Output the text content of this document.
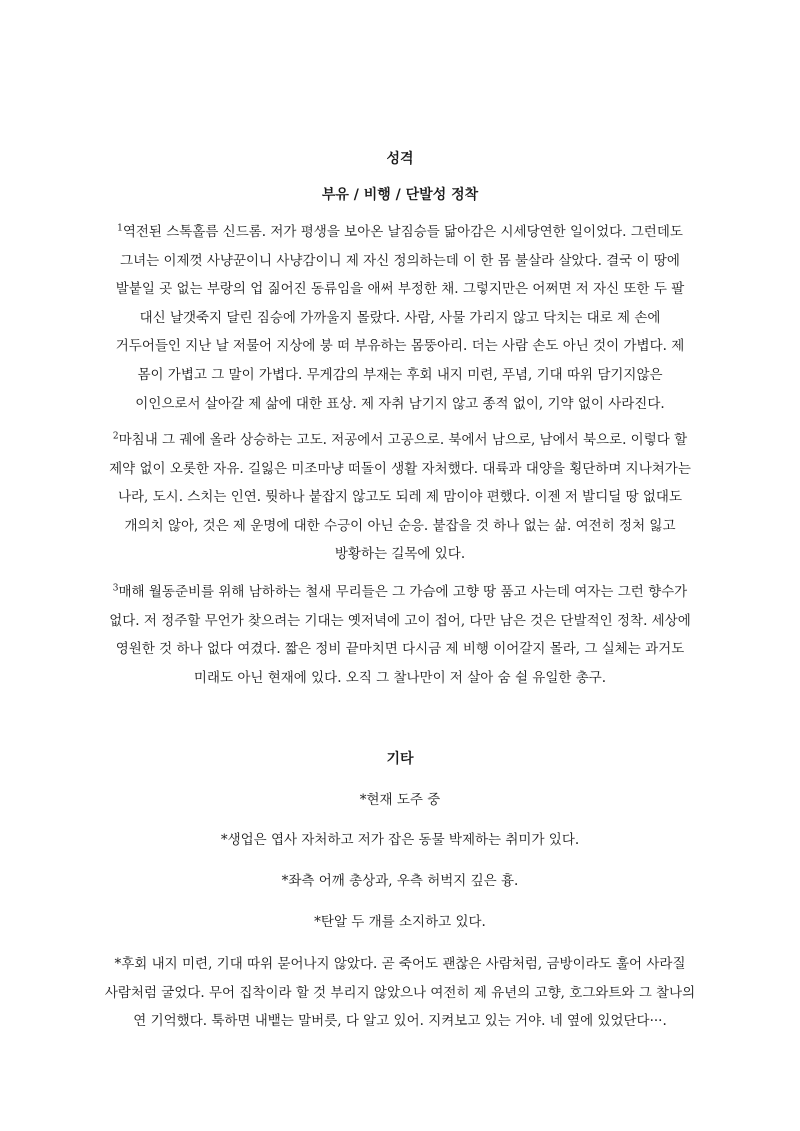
성격
부유 / 비행 / 단발성 정착
$^1$역전된 스톡홀름 신드롬. 저가 평생을 보아온 날짐승들 닮아감은 시세당연한 일이었다. 그런데도
그녀는 이제껏 사냥꾼이니 사냥감이니 제 자신 정의하는데 이 한 몸 불살라 살았다. 결국 이 땅에
발붙일 곳 없는 부랑의 업 짊어진 동류임을 애써 부정한 채. 그렇지만은 어쩌면 저 자신 또한 두 팔
대신 날갯죽지 달린 짐승에 가까울지 몰랐다. 사람, 사물 가리지 않고 닥치는 대로 제 손에
거두어들인 지난 날 저물어 지상에 붕 떠 부유하는 몸뚱아리. 더는 사람 손도 아닌 것이 가볍다. 제
몸이 가볍고 그 말이 가볍다. 무게감의 부재는 후회 내지 미련, 푸념, 기대 따위 담기지않은
이인으로서 살아갈 제 삶에 대한 표상. 제 자취 남기지 않고 종적 없이, 기약 없이 사라진다.
$^2$마침내 그 궤에 올라 상승하는 고도. 저공에서 고공으로. 북에서 남으로, 남에서 북으로. 이렇다 할
제약 없이 오롯한 자유. 길잃은 미조마냥 떠돌이 생활 자처했다. 대륙과 대양을 횡단하며 지나쳐가는
나라, 도시. 스치는 인연. 뭣하나 붙잡지 않고도 되레 제 맘이야 편했다. 이젠 저 발디딜 땅 없대도
개의치 않아, 것은 제 운명에 대한 수긍이 아닌 순응. 붙잡을 것 하나 없는 삶. 여전히 정처 잃고
방황하는 길목에 있다.
$^3$매해 월동준비를 위해 남하하는 철새 무리들은 그 가슴에 고향 땅 품고 사는데 여자는 그런 향수가
없다. 저 정주할 무언가 찾으려는 기대는 옛저녁에 고이 접어, 다만 남은 것은 단발적인 정착. 세상에
영원한 것 하나 없다 여겼다. 짧은 정비 끝마치면 다시금 제 비행 이어갈지 몰라, 그 실체는 과거도
미래도 아닌 현재에 있다. 오직 그 찰나만이 저 살아 숨 쉴 유일한 총구.
기타
*현재 도주 중
*생업은 엽사 자처하고 저가 잡은 동물 박제하는 취미가 있다.
*좌측 어깨 총상과, 우측 허벅지 깊은 흉.
*탄알 두 개를 소지하고 있다.
*후회 내지 미련, 기대 따위 묻어나지 않았다. 곧 죽어도 괜찮은 사람처럼, 금방이라도 훌어 사라질
사람처럼 굴었다. 무어 집착이라 할 것 부리지 않았으나 여전히 제 유년의 고향, 호그와트와 그 찰나의
연 기억했다. 툭하면 내뱉는 말버릇, 다 알고 있어. 지켜보고 있는 거야. 네 옆에 있었단다···.
